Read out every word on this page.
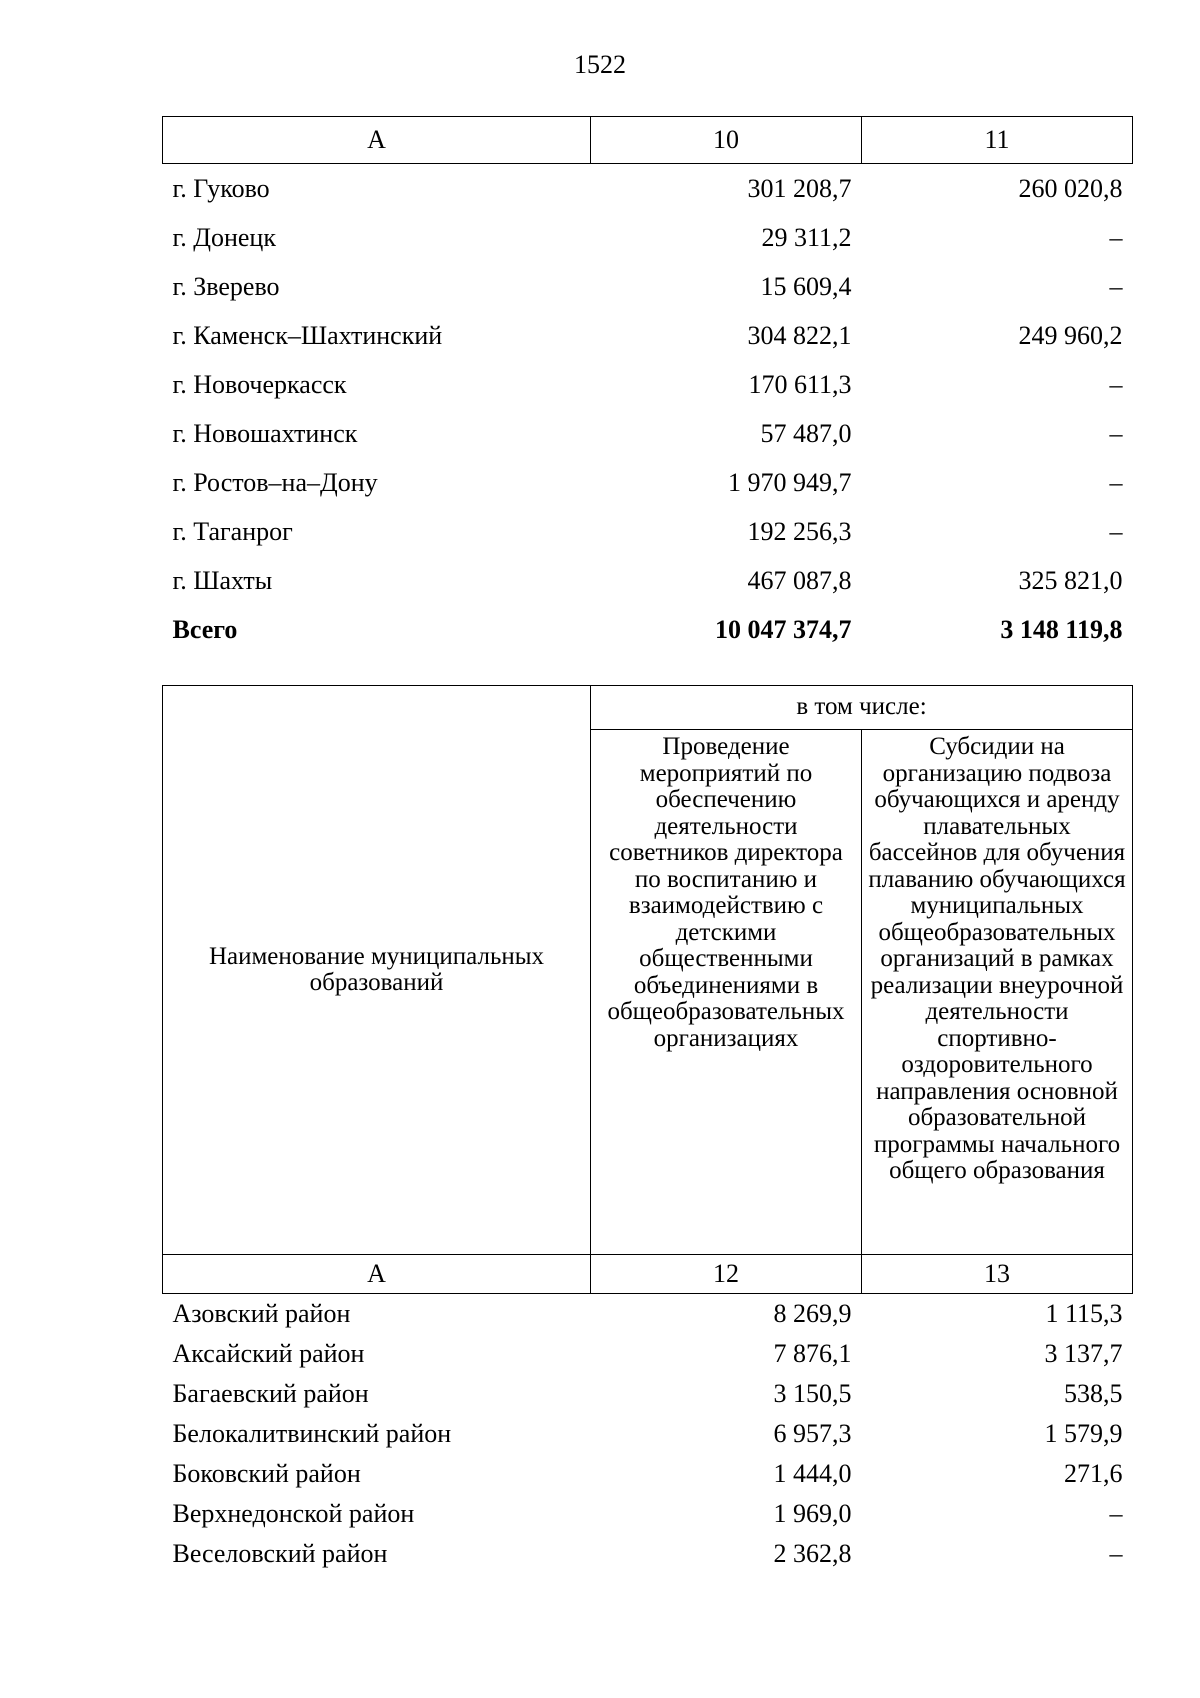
1522
А	10	11
г. Гуково	301 208,7	260 020,8
г. Донецк	29 311,2	–
г. Зверево	15 609,4	–
г. Каменск–Шахтинский	304 822,1	249 960,2
г. Новочеркасск	170 611,3	–
г. Новошахтинск	57 487,0	–
г. Ростов–на–Дону	1 970 949,7	–
г. Таганрог	192 256,3	–
г. Шахты	467 087,8	325 821,0
Всего	10 047 374,7	3 148 119,8
Наименование муниципальных образований	в том числе:	
	Проведение мероприятий по обеспечению деятельности советников директора по воспитанию и взаимодействию с детскими общественными объединениями в общеобразовательных организациях	Субсидии на организацию подвоза обучающихся и аренду плавательных бассейнов для обучения плаванию обучающихся муниципальных общеобразовательных организаций в рамках реализации внеурочной деятельности спортивно-оздоровительного направления основной образовательной программы начального общего образования
А	12	13
Азовский район	8 269,9	1 115,3
Аксайский район	7 876,1	3 137,7
Багаевский район	3 150,5	538,5
Белокалитвинский район	6 957,3	1 579,9
Боковский район	1 444,0	271,6
Верхнедонской район	1 969,0	–
Веселовский район	2 362,8	–
